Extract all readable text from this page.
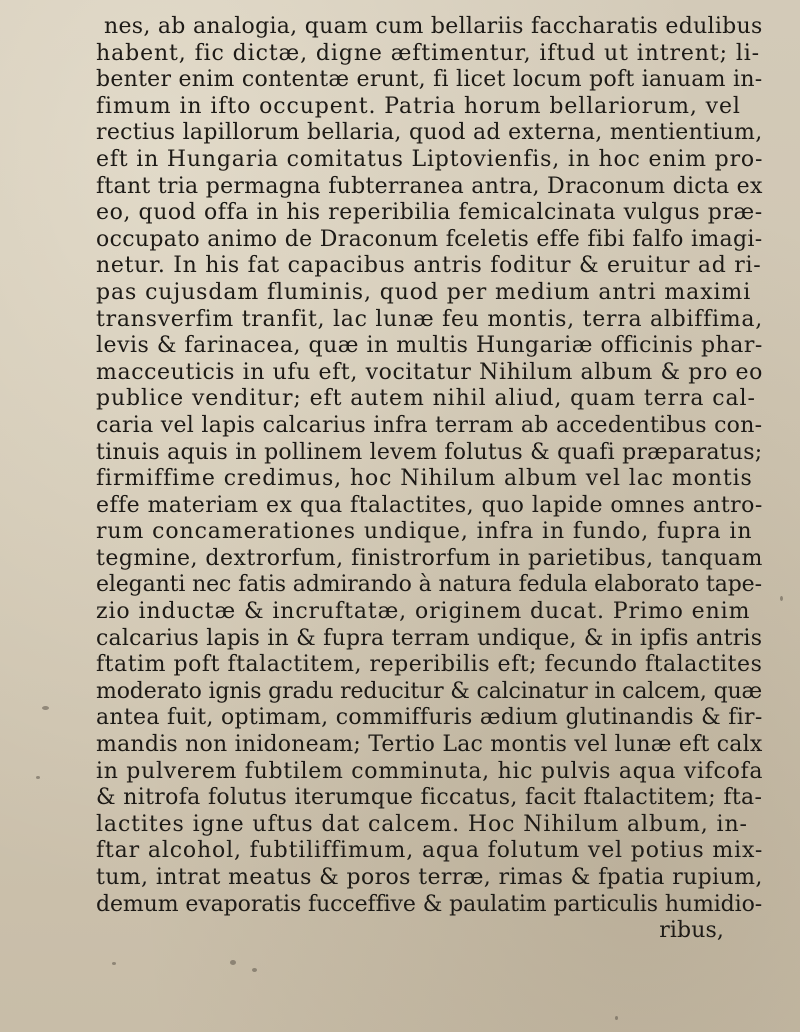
nes, ab analogia, quam cum bellariis faccharatis edulibus
habent, fic dictæ, digne æftimentur, iftud ut intrent; li-
benter enim contentæ erunt, fi licet locum poft ianuam in-
fimum in ifto occupent. Patria horum bellariorum, vel
rectius lapillorum bellaria, quod ad externa, mentientium,
eft in Hungaria comitatus Liptovienfis, in hoc enim pro-
ftant tria permagna fubterranea antra, Draconum dicta ex
eo, quod offa in his reperibilia femicalcinata vulgus præ-
occupato animo de Draconum fceletis effe fibi falfo imagi-
netur. In his fat capacibus antris foditur & eruitur ad ri-
pas cujusdam fluminis, quod per medium antri maximi
transverfim tranfit, lac lunæ feu montis, terra albiffima,
levis & farinacea, quæ in multis Hungariæ officinis phar-
macceuticis in ufu eft, vocitatur Nihilum album & pro eo
publice venditur; eft autem nihil aliud, quam terra cal-
caria vel lapis calcarius infra terram ab accedentibus con-
tinuis aquis in pollinem levem folutus & quafi præparatus;
firmiffime credimus, hoc Nihilum album vel lac montis
effe materiam ex qua ftalactites, quo lapide omnes antro-
rum concamerationes undique, infra in fundo, fupra in
tegmine, dextrorfum, finistrorfum in parietibus, tanquam
eleganti nec fatis admirando à natura fedula elaborato tape-
zio inductæ & incruftatæ, originem ducat. Primo enim
calcarius lapis in & fupra terram undique, & in ipfis antris
ftatim poft ftalactitem, reperibilis eft; fecundo ftalactites
moderato ignis gradu reducitur & calcinatur in calcem, quæ
antea fuit, optimam, commiffuris ædium glutinandis & fir-
mandis non inidoneam; Tertio Lac montis vel lunæ eft calx
in pulverem fubtilem comminuta, hic pulvis aqua vifcofa
& nitrofa folutus iterumque ficcatus, facit ftalactitem; fta-
lactites igne uftus dat calcem. Hoc Nihilum album, in-
ftar alcohol, fubtiliffimum, aqua folutum vel potius mix-
tum, intrat meatus & poros terræ, rimas & fpatia rupium,
demum evaporatis fucceffive & paulatim particulis humidio-
ribus,
